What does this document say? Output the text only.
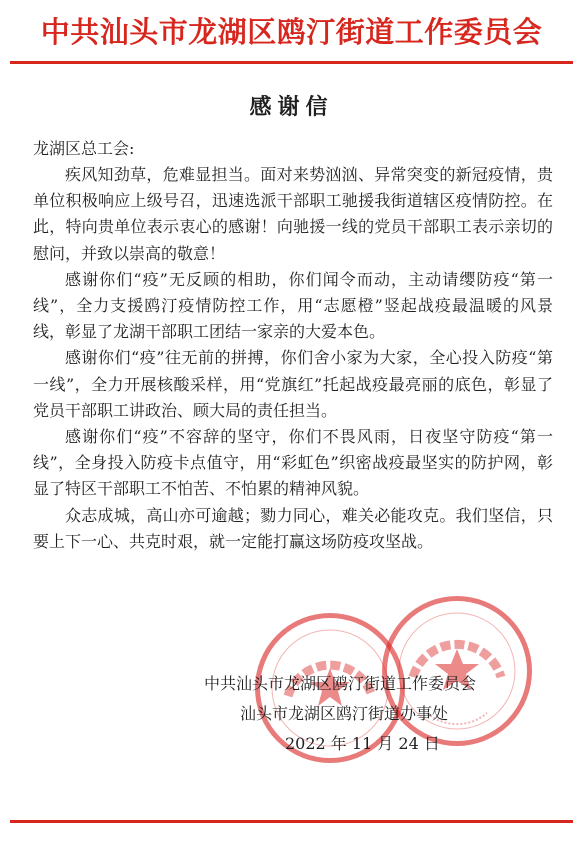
中共汕头市龙湖区鸥汀街道工作委员会
感谢信
龙湖区总工会:

疾风知劲草，危难显担当。面对来势汹汹、异常突变的新冠疫情，贵单位积极响应上级号召，迅速选派干部职工驰援我街道辖区疫情防控。在此，特向贵单位表示衷心的感谢！向驰援一线的党员干部职工表示亲切的慰问，并致以崇高的敬意！

感谢你们“疫”无反顾的相助，你们闻令而动，主动请缨防疫“第一线”，全力支援鸥汀疫情防控工作，用“志愿橙”竖起战疫最温暖的风景线，彰显了龙湖干部职工团结一家亲的大爱本色。

感谢你们“疫”往无前的拼搏，你们舍小家为大家，全心投入防疫“第一线”，全力开展核酸采样，用“党旗红”托起战疫最亮丽的底色，彰显了党员干部职工讲政治、顾大局的责任担当。

感谢你们“疫”不容辞的坚守，你们不畏风雨，日夜坚守防疫“第一线”，全身投入防疫卡点值守，用“彩虹色”织密战疫最坚实的防护网，彰显了特区干部职工不怕苦、不怕累的精神风貌。

众志成城，高山亦可逾越；勠力同心，难关必能攻克。我们坚信，只要上下一心、共克时艰，就一定能打赢这场防疫攻坚战。

中共汕头市龙湖区鸥汀街道工作委员会
汕头市龙湖区鸥汀街道办事处
2022 年 11 月 24 日
